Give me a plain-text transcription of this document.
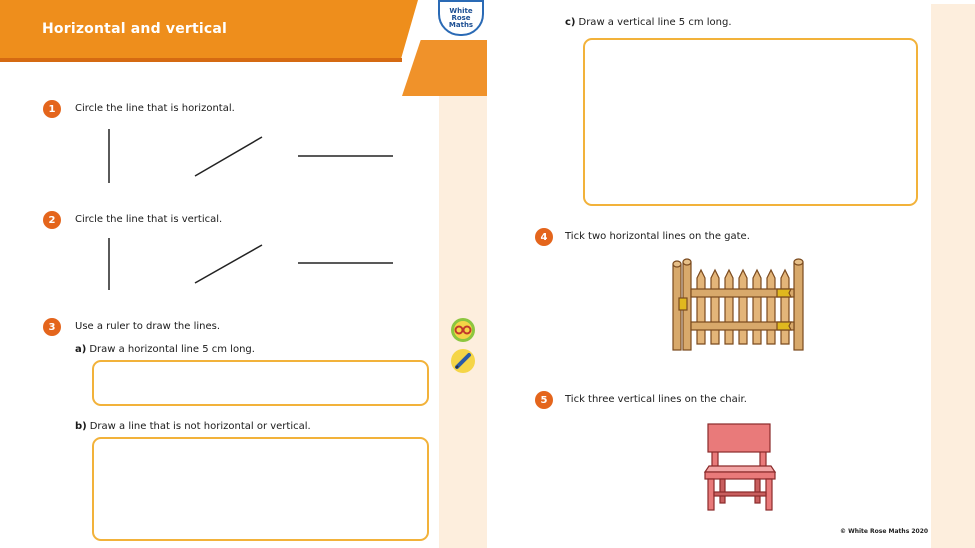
Horizontal and vertical
White
Rose
Maths
1	Circle the line that is horizontal.
2	Circle the line that is vertical.
3	Use a ruler to draw the lines.
a) Draw a horizontal line 5 cm long.
b) Draw a line that is not horizontal or vertical.
c) Draw a vertical line 5 cm long.
4	Tick two horizontal lines on the gate.
5	Tick three vertical lines on the chair.
© White Rose Maths 2020
